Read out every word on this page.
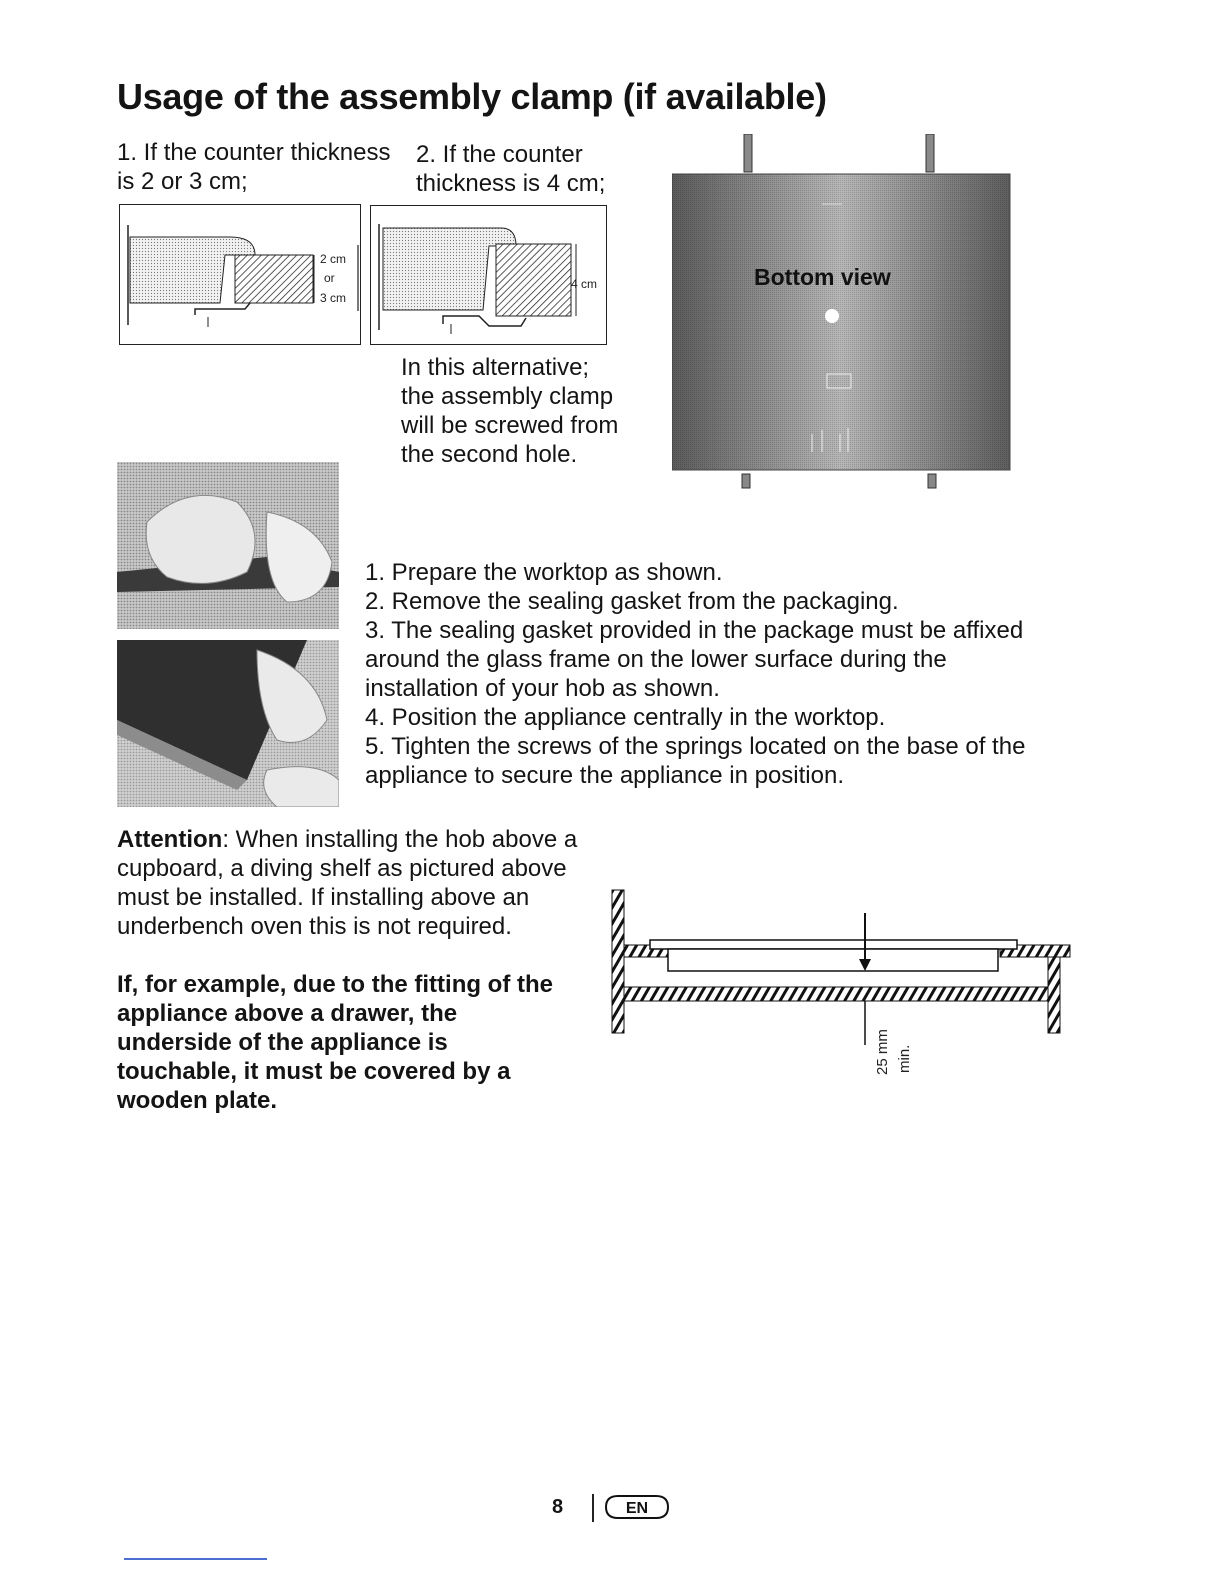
Usage of the assembly clamp (if available)
1. If the counter thickness is 2 or 3 cm;
2. If the counter thickness is 4 cm;
2 cm
or
3 cm
4 cm
In this alternative; the assembly clamp will be screwed from the second hole.
Bottom view
1. Prepare the worktop as shown.
2. Remove the sealing gasket from the packaging.
3. The sealing gasket provided in the package must be affixed around the glass frame on the lower surface during the installation of your hob as shown.
4. Position the appliance centrally in the worktop.
5. Tighten the screws of the springs located on the base of the appliance to secure the appliance in position.
Attention: When installing the hob above a cupboard, a diving shelf as pictured above must be installed. If installing above an underbench oven this is not required.
If, for example, due to the fitting of the appliance above a drawer, the underside of the appliance is touchable, it must be covered by a wooden plate.
25 mm min.
8	EN
